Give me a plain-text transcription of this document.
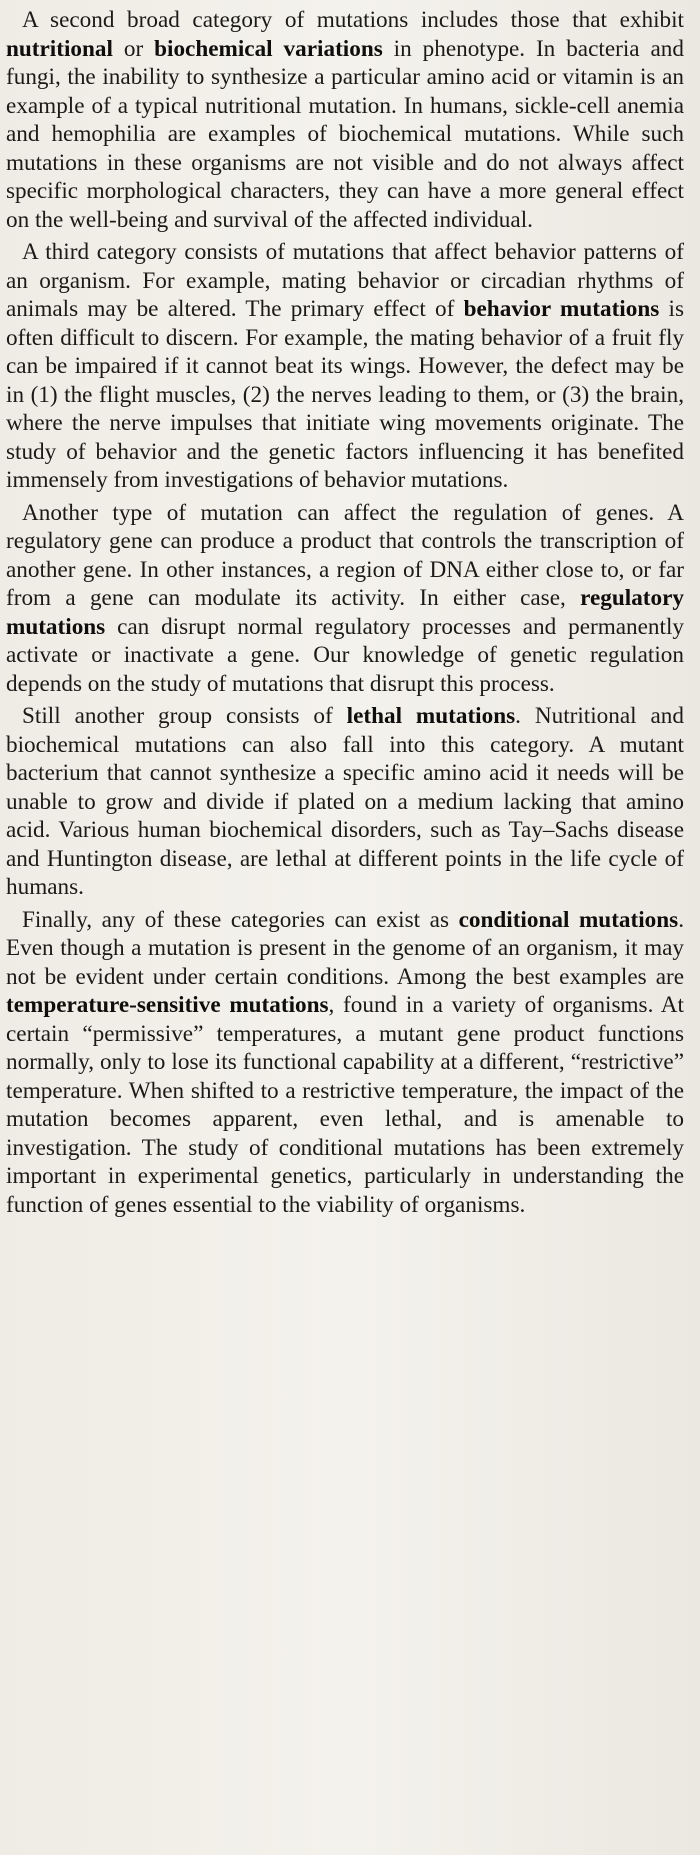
A second broad category of mutations includes those that exhibit nutritional or biochemical variations in phenotype. In bacteria and fungi, the inability to synthesize a particular amino acid or vitamin is an example of a typical nutritional mutation. In humans, sickle-cell anemia and hemophilia are examples of biochemical mutations. While such mutations in these organisms are not visible and do not always affect specific morphological characters, they can have a more general effect on the well-being and survival of the affected individual.

A third category consists of mutations that affect behavior patterns of an organism. For example, mating behavior or circadian rhythms of animals may be altered. The primary effect of behavior mutations is often difficult to discern. For example, the mating behavior of a fruit fly can be impaired if it cannot beat its wings. However, the defect may be in (1) the flight muscles, (2) the nerves leading to them, or (3) the brain, where the nerve impulses that initiate wing movements originate. The study of behavior and the genetic factors influencing it has benefited immensely from investigations of behavior mutations.

Another type of mutation can affect the regulation of genes. A regulatory gene can produce a product that controls the transcription of another gene. In other instances, a region of DNA either close to, or far from a gene can modulate its activity. In either case, regulatory mutations can disrupt normal regulatory processes and permanently activate or inactivate a gene. Our knowledge of genetic regulation depends on the study of mutations that disrupt this process.

Still another group consists of lethal mutations. Nutritional and biochemical mutations can also fall into this category. A mutant bacterium that cannot synthesize a specific amino acid it needs will be unable to grow and divide if plated on a medium lacking that amino acid. Various human biochemical disorders, such as Tay–Sachs disease and Huntington disease, are lethal at different points in the life cycle of humans.

Finally, any of these categories can exist as conditional mutations. Even though a mutation is present in the genome of an organism, it may not be evident under certain conditions. Among the best examples are temperature-sensitive mutations, found in a variety of organisms. At certain “permissive” temperatures, a mutant gene product functions normally, only to lose its functional capability at a different, “restrictive” temperature. When shifted to a restrictive temperature, the impact of the mutation becomes apparent, even lethal, and is amenable to investigation. The study of conditional mutations has been extremely important in experimental genetics, particularly in understanding the function of genes essential to the viability of organisms.
